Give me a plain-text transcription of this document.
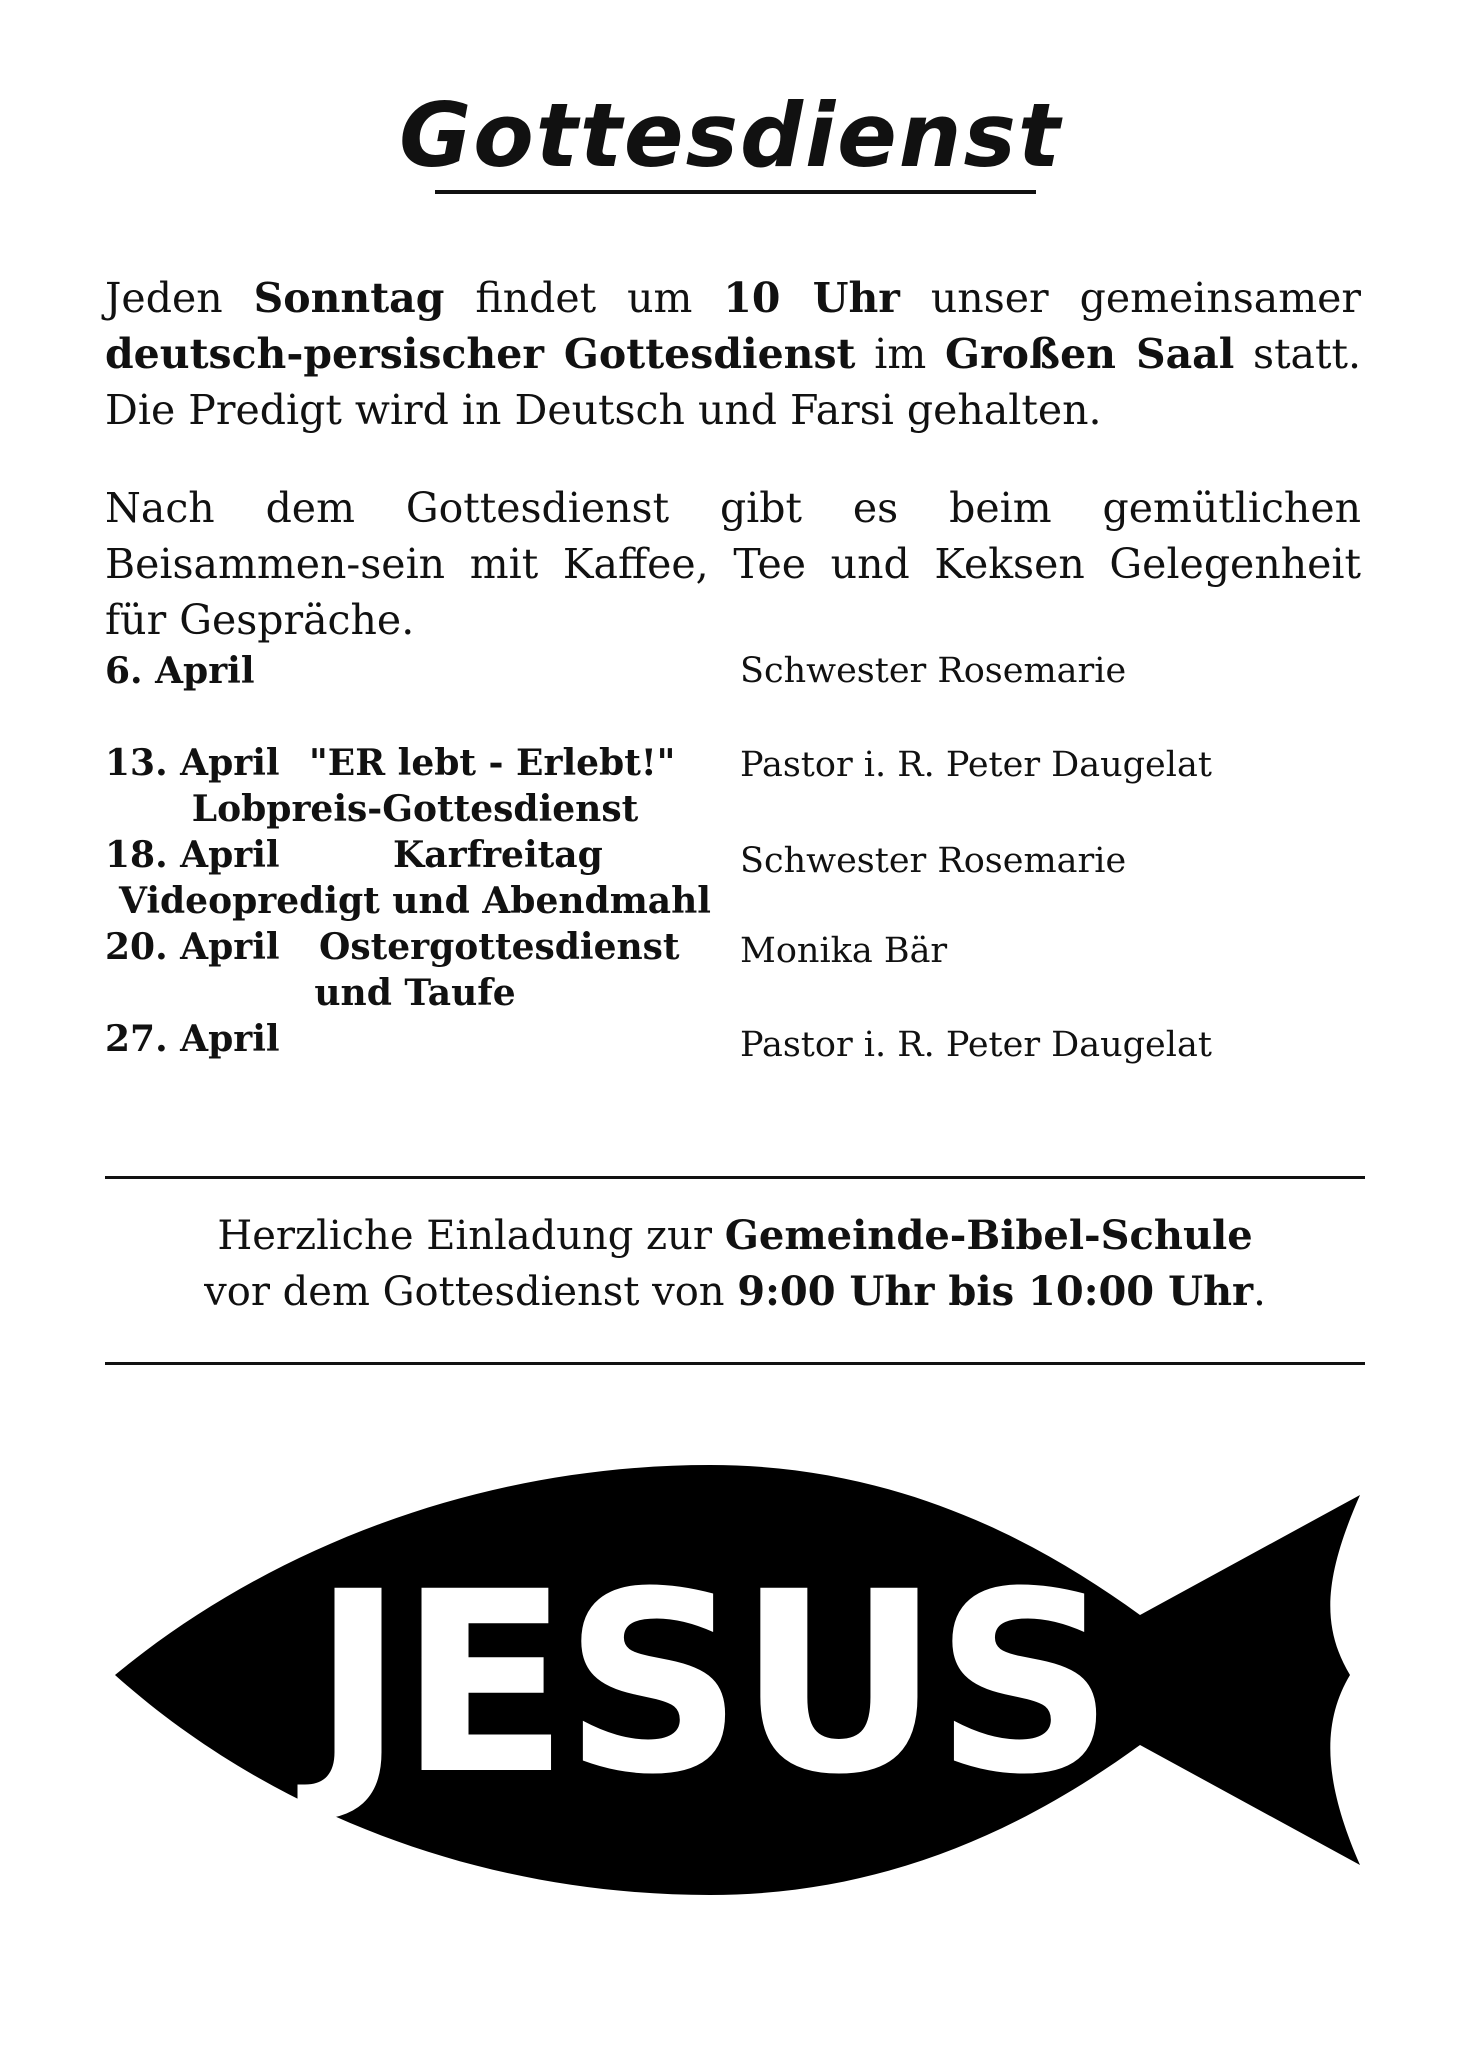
Gottesdienst
Jeden Sonntag findet um 10 Uhr unser gemeinsamer deutsch-persischer Gottesdienst im Großen Saal statt. Die Predigt wird in Deutsch und Farsi gehalten.
Nach dem Gottesdienst gibt es beim gemütlichen Beisammen-sein mit Kaffee, Tee und Keksen Gelegenheit für Gespräche.
6. April
13. April "ER lebt - Erlebt!"
Lobpreis-Gottesdienst
18. April	Karfreitag
Videopredigt und Abendmahl
20. April Ostergottesdienst
und Taufe
27. April
Schwester Rosemarie
Pastor i. R. Peter Daugelat
Schwester Rosemarie
Monika Bär
Pastor i. R. Peter Daugelat
Herzliche Einladung zur Gemeinde-Bibel-Schule
vor dem Gottesdienst von 9:00 Uhr bis 10:00 Uhr.
JESUS
